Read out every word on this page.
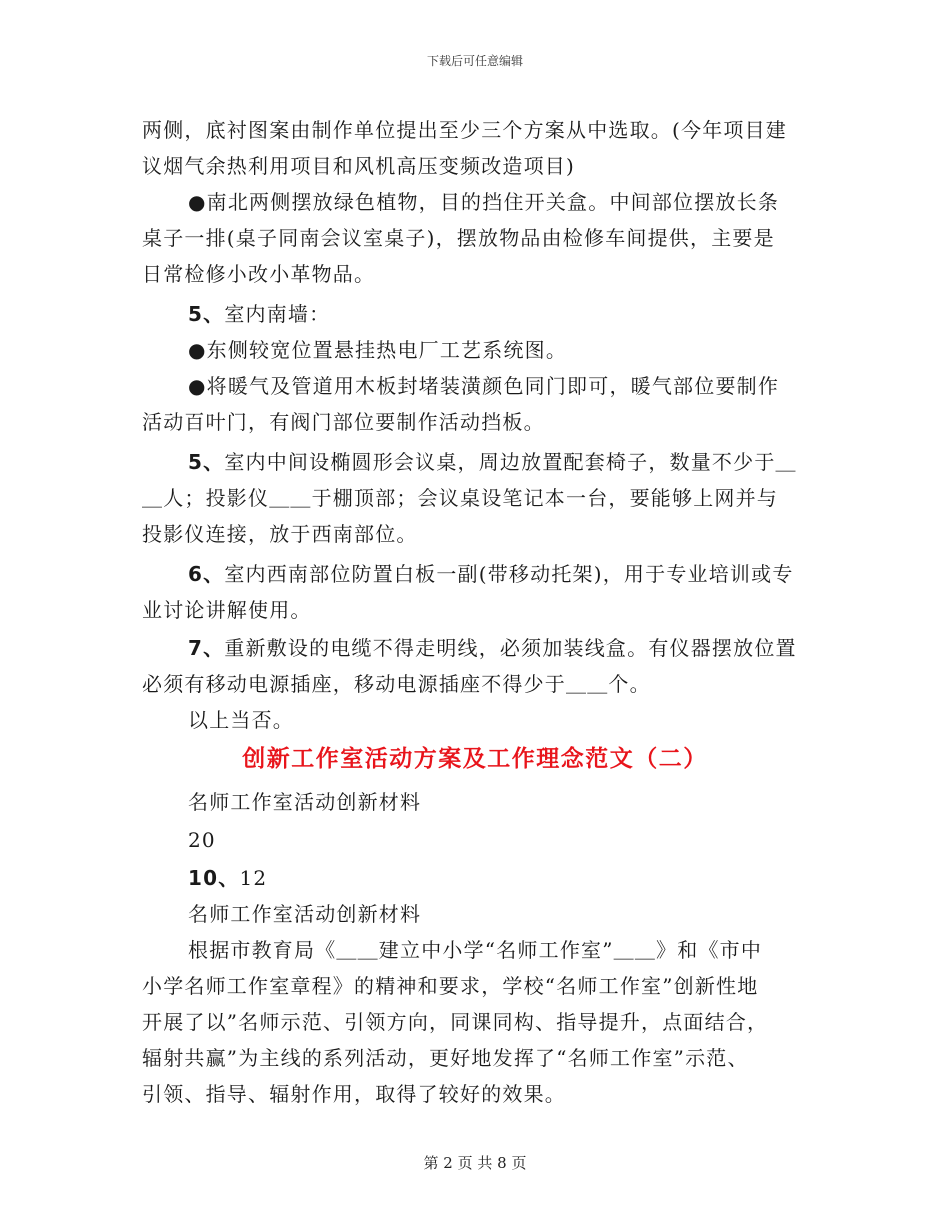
下载后可任意编辑
两侧，底衬图案由制作单位提出至少三个方案从中选取。(今年项目建
议烟气余热利用项目和风机高压变频改造项目)
●南北两侧摆放绿色植物，目的挡住开关盒。中间部位摆放长条
桌子一排(桌子同南会议室桌子)，摆放物品由检修车间提供，主要是
日常检修小改小革物品。
5、室内南墙：
●东侧较宽位置悬挂热电厂工艺系统图。
●将暖气及管道用木板封堵装潢颜色同门即可，暖气部位要制作
活动百叶门，有阀门部位要制作活动挡板。
5、室内中间设椭圆形会议桌，周边放置配套椅子，数量不少于＿
＿人；投影仪＿＿于棚顶部；会议桌设笔记本一台，要能够上网并与
投影仪连接，放于西南部位。
6、室内西南部位防置白板一副(带移动托架)，用于专业培训或专
业讨论讲解使用。
7、重新敷设的电缆不得走明线，必须加装线盒。有仪器摆放位置
必须有移动电源插座，移动电源插座不得少于＿＿个。
以上当否。
创新工作室活动方案及工作理念范文（二）
名师工作室活动创新材料
20
10、12
名师工作室活动创新材料
根据市教育局《＿＿建立中小学“名师工作室”＿＿》和《市中
小学名师工作室章程》的精神和要求，学校“名师工作室”创新性地
开展了以”名师示范、引领方向，同课同构、指导提升，点面结合，
辐射共赢”为主线的系列活动，更好地发挥了“名师工作室”示范、
引领、指导、辐射作用，取得了较好的效果。
第 2 页 共 8 页
